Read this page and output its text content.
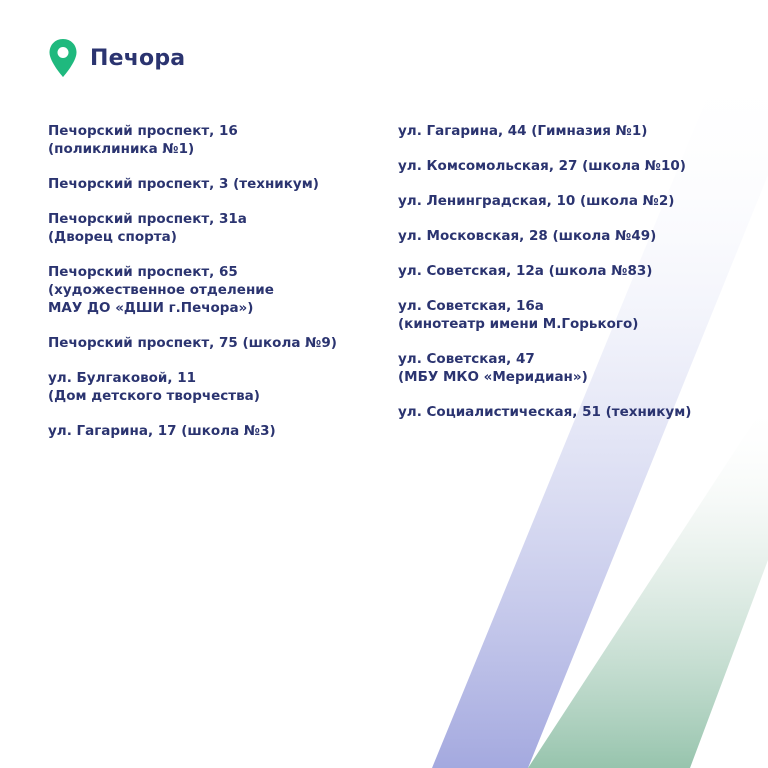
Печора
Печорский проспект, 16
(поликлиника №1)
Печорский проспект, 3 (техникум)
Печорский проспект, 31а
(Дворец спорта)
Печорский проспект, 65
(художественное отделение
МАУ ДО «ДШИ г.Печора»)
Печорский проспект, 75 (школа №9)
ул. Булгаковой, 11
(Дом детского творчества)
ул. Гагарина, 17 (школа №3)
ул. Гагарина, 44 (Гимназия №1)
ул. Комсомольская, 27 (школа №10)
ул. Ленинградская, 10 (школа №2)
ул. Московская, 28 (школа №49)
ул. Советская, 12а (школа №83)
ул. Советская, 16а
(кинотеатр имени М.Горького)
ул. Советская, 47
(МБУ МКО «Меридиан»)
ул. Социалистическая, 51 (техникум)
